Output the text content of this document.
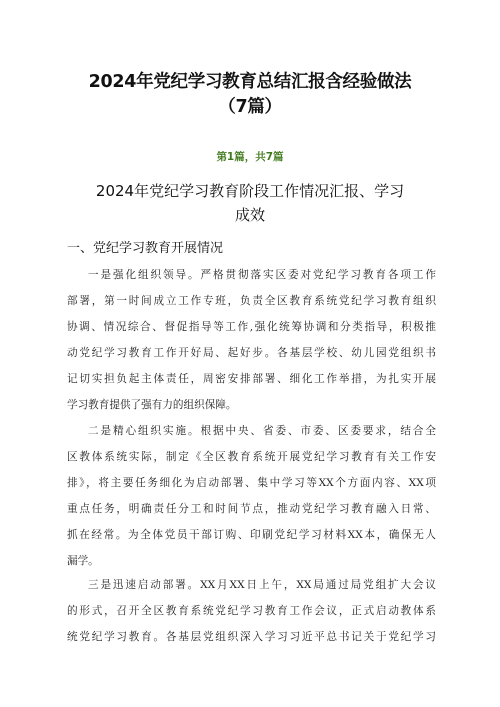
2024年党纪学习教育总结汇报含经验做法
（7篇）
第1篇，共7篇
2024年党纪学习教育阶段工作情况汇报、学习
成效
一、党纪学习教育开展情况
一是强化组织领导。严格贯彻落实区委对党纪学习教育各项工作
部署，第一时间成立工作专班，负责全区教育系统党纪学习教育组织
协调、情况综合、督促指导等工作,强化统筹协调和分类指导，积极推
动党纪学习教育工作开好局、起好步。各基层学校、幼儿园党组织书
记切实担负起主体责任，周密安排部署、细化工作举措，为扎实开展
学习教育提供了强有力的组织保障。
二是精心组织实施。根据中央、省委、市委、区委要求，结合全
区教体系统实际，制定《全区教育系统开展党纪学习教育有关工作安
排》，将主要任务细化为启动部署、集中学习等XX个方面内容、XX项
重点任务，明确责任分工和时间节点，推动党纪学习教育融入日常、
抓在经常。为全体党员干部订购、印刷党纪学习材料XX本，确保无人
漏学。
三是迅速启动部署。XX月XX日上午，XX局通过局党组扩大会议
的形式，召开全区教育系统党纪学习教育工作会议，正式启动教体系
统党纪学习教育。各基层党组织深入学习习近平总书记关于党纪学习
